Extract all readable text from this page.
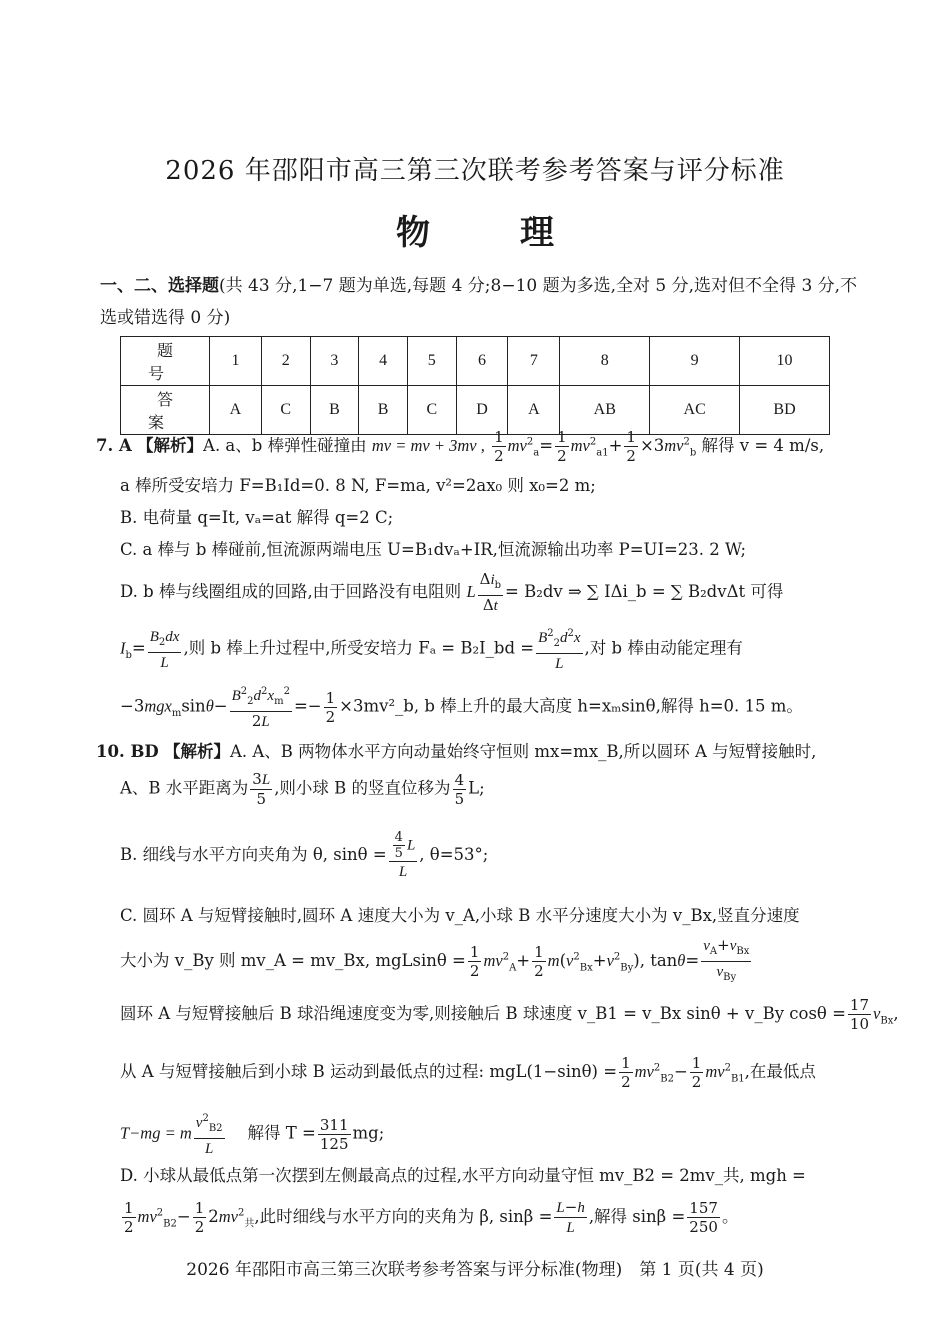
2026 年邵阳市高三第三次联考参考答案与评分标准
物　理
一、二、选择题(共 43 分,1−7 题为单选,每题 4 分;8−10 题为多选,全对 5 分,选对但不全得 3 分,不选或错选得 0 分)
题　号	1	2	3	4	5	6	7	8	9	10
答　案	A	C	B	B	C	D	A	AB	AC	BD
7. A 【解析】A. a、b 棒弹性碰撞由 mv = mv + 3mv , $\frac{1}{2} mv^2_a= \frac{1}{2} mv^2_{a1}+ \frac{1}{2} \times 3mv^2_b$ 解得 v = 4 m/s,
a 棒所受安培力 F=B₁Id=0. 8 N, F=ma, v²=2ax₀ 则 x₀=2 m;
B. 电荷量 q=It, vₐ=at 解得 q=2 C;
C. a 棒与 b 棒碰前,恒流源两端电压 U=B₁dvₐ+IR,恒流源输出功率 P=UI=23. 2 W;
D. b 棒与线圈组成的回路,由于回路没有电阻则 L $\frac{\Delta i_b}{\Delta t} = B_2dv$ ⇒ ∑ IΔi_b = ∑ B₂dvΔt 可得
$I_b= \frac{B_2dx}{L}$ ,则 b 棒上升过程中,所受安培力 Fₐ = B₂I_bd = $\frac{B^2_2d^2x}{L}$ ,对 b 棒由动能定理有
$-3mgx_m\sin\theta- \frac{B^2_2d^2x_m^2}{2L} =- \frac{1}{2}$ ×3mv²_b, b 棒上升的最大高度 h=xₘsinθ,解得 h=0. 15 m。
10. BD 【解析】A. A、B 两物体水平方向动量始终守恒则 mx=mx_B,所以圆环 A 与短臂接触时,
A、B 水平距离为 $\frac{3L}{5}$ ,则小球 B 的竖直位移为 $\frac{4}{5} L$;
B. 细线与水平方向夹角为 θ, $\sin\theta = \frac{\frac{4}{5} L}{L}$ , θ=53°;
C. 圆环 A 与短臂接触时,圆环 A 速度大小为 v_A,小球 B 水平分速度大小为 v_Bx,竖直分速度
大小为 v_By 则 mv_A = mv_Bx, $mgLsin\theta = \frac{1}{2} mv^2_A+ \frac{1}{2} m(v^2_{Bx}+v^2_{By})$, $\tan\theta= \frac{v_A+v_{Bx}}{v_{By}}$
圆环 A 与短臂接触后 B 球沿绳速度变为零,则接触后 B 球速度 v_B1 = v_Bx sinθ + v_By $\cos\theta = \frac{17}{10} v_{Bx}$,
从 A 与短臂接触后到小球 B 运动到最低点的过程: $mgL(1-\sin\theta) = \frac{1}{2} mv^2_{B2}- \frac{1}{2} mv^2_{B1}$,在最低点
T−mg = m $\frac{v^2_{B2}}{L}$ 解得 $T = \frac{311}{125}$ mg;
D. 小球从最低点第一次摆到左侧最高点的过程,水平方向动量守恒 mv_B2 = 2mv_共, mgh =
$\frac{1}{2} mv^2_{B2}- \frac{1}{2} 2mv^2_共$,此时细线与水平方向的夹角为 β, $\sin\beta = \frac{L-h}{L}$ ,解得 $\sin\beta = \frac{157}{250}$ 。
2026 年邵阳市高三第三次联考参考答案与评分标准(物理)　第 1 页(共 4 页)
